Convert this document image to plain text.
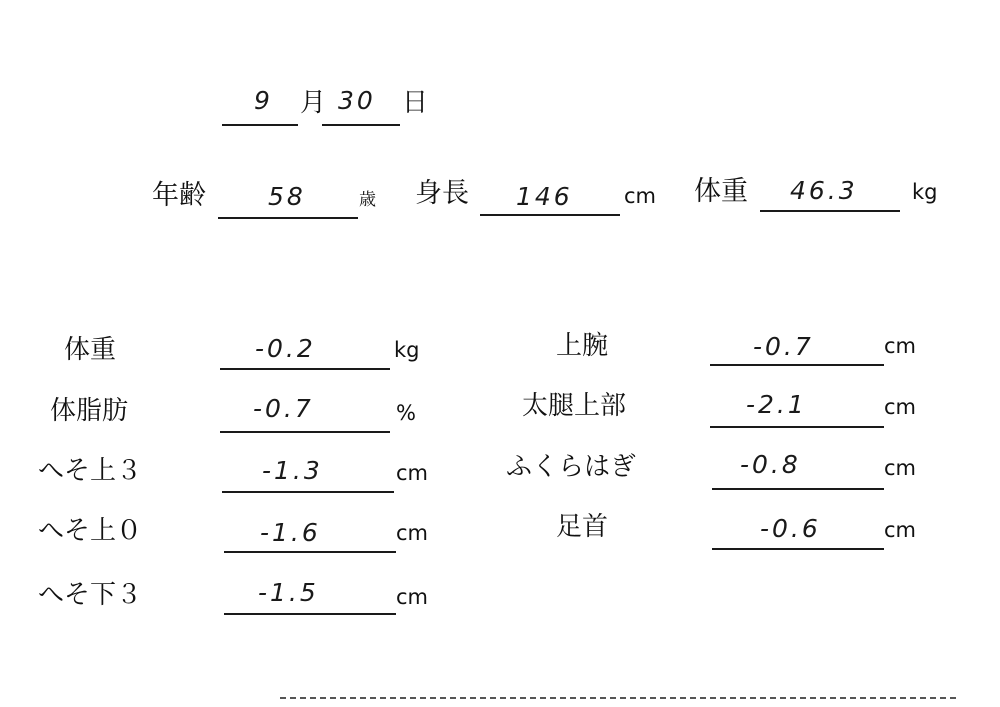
9 月 30 日
年齢 58	歳 身長 146 cm 体重 46.3	kg
体重	-0.2	kg
体脂肪	-0.7	%
へそ上３	-1.3	cm
へそ上０	-1.6	cm
へそ下３	-1.5	cm
上腕	-0.7	cm
太腿上部	-2.1	cm
ふくらはぎ	-0.8	cm
足首	-0.6	cm
